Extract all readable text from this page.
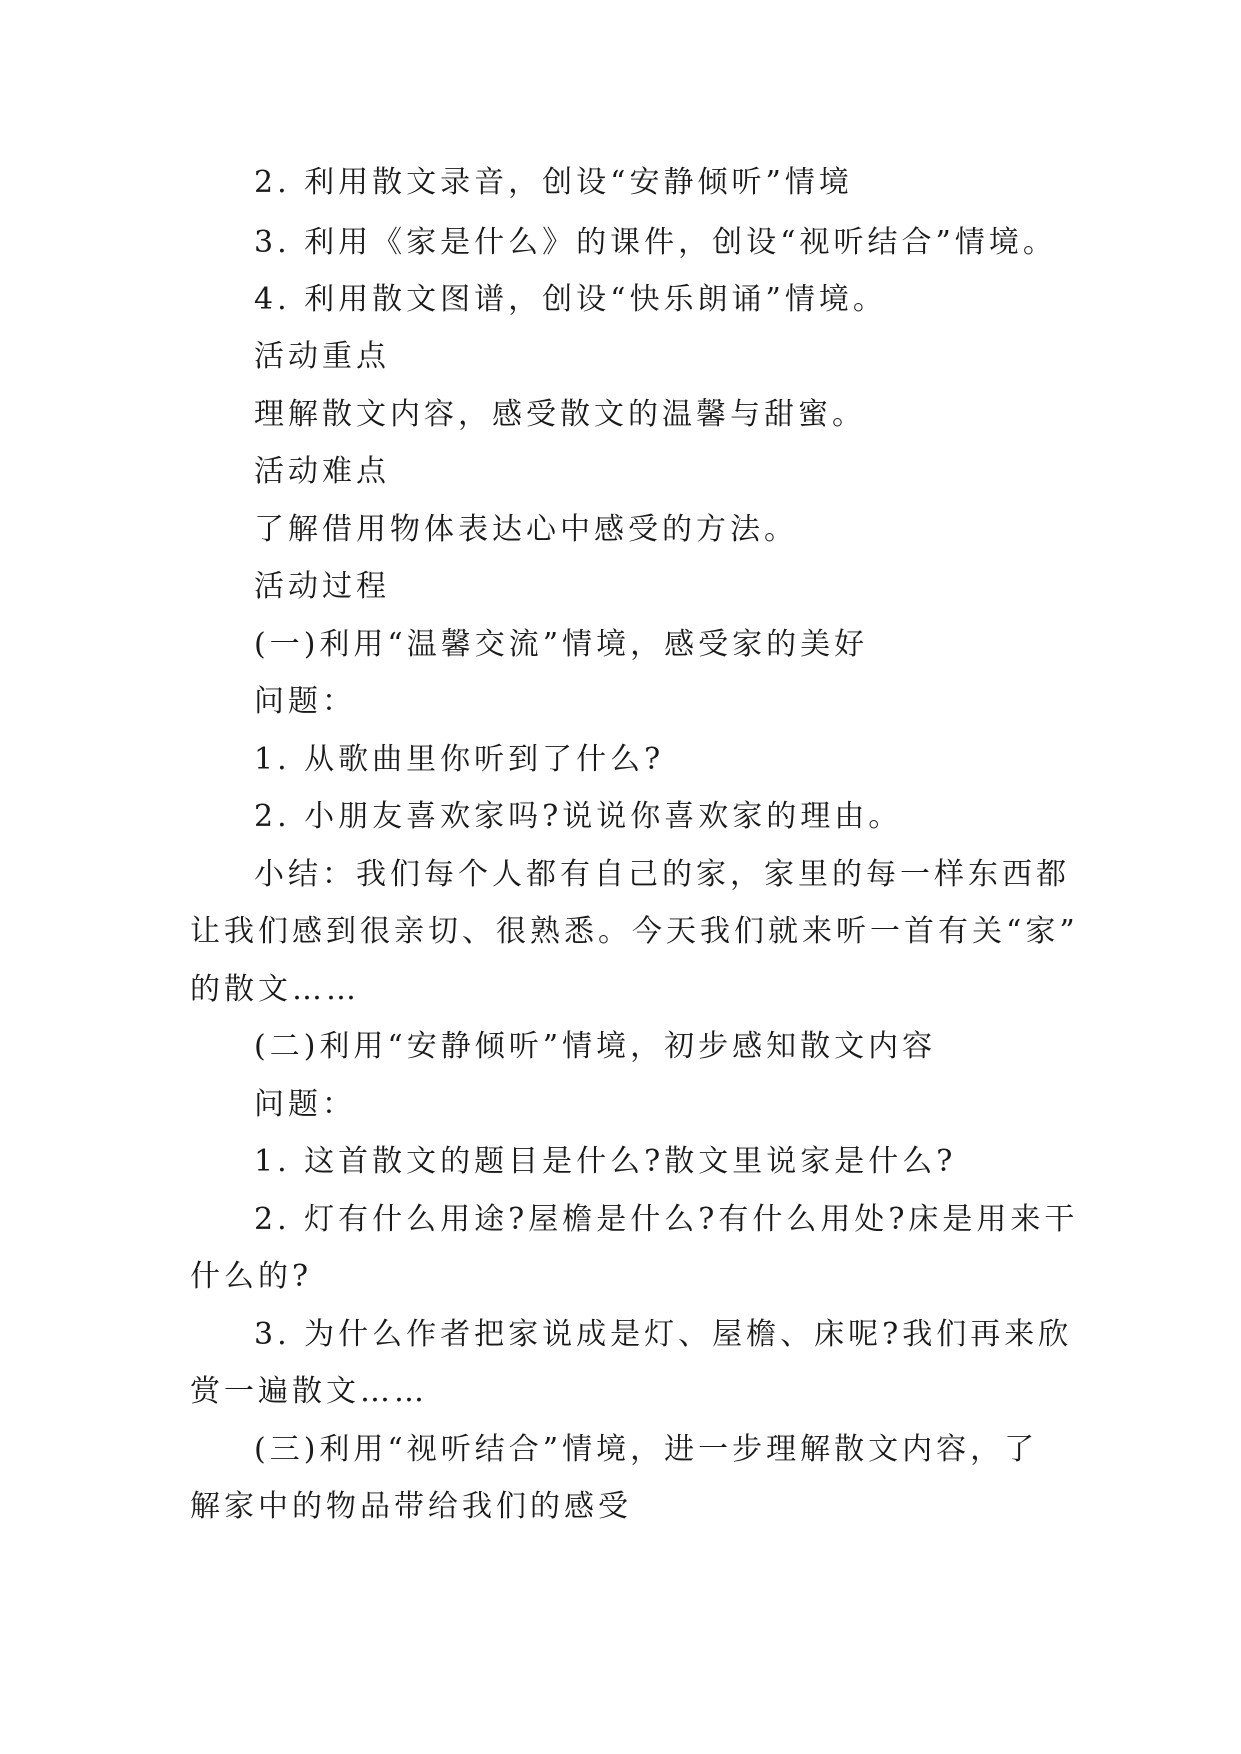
2. 利用散文录音，创设“安静倾听”情境
3. 利用《家是什么》的课件，创设“视听结合”情境。
4. 利用散文图谱，创设“快乐朗诵”情境。
活动重点
理解散文内容，感受散文的温馨与甜蜜。
活动难点
了解借用物体表达心中感受的方法。
活动过程
(一)利用“温馨交流”情境，感受家的美好
问题：
1. 从歌曲里你听到了什么?
2. 小朋友喜欢家吗?说说你喜欢家的理由。
小结：我们每个人都有自己的家，家里的每一样东西都
让我们感到很亲切、很熟悉。今天我们就来听一首有关“家”
的散文……
(二)利用“安静倾听”情境，初步感知散文内容
问题：
1. 这首散文的题目是什么?散文里说家是什么?
2. 灯有什么用途?屋檐是什么?有什么用处?床是用来干
什么的?
3. 为什么作者把家说成是灯、屋檐、床呢?我们再来欣
赏一遍散文……
(三)利用“视听结合”情境，进一步理解散文内容，了
解家中的物品带给我们的感受
